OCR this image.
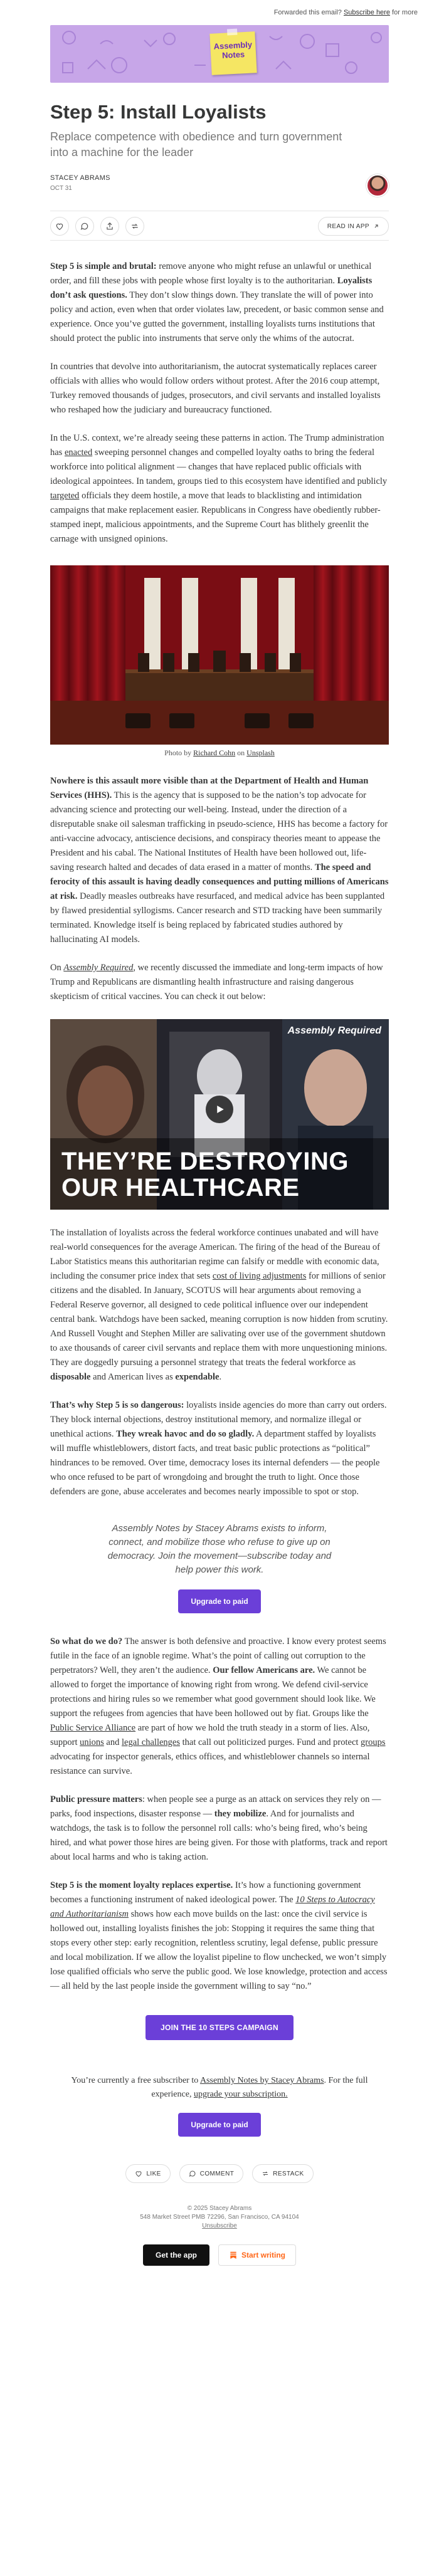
Forwarded this email? Subscribe here for more
Assembly
Notes
Step 5: Install Loyalists
Replace competence with obedience and turn government into a machine for the leader
STACEY ABRAMS
OCT 31
READ IN APP

Step 5 is simple and brutal: remove anyone who might refuse an unlawful or unethical order, and fill these jobs with people whose first loyalty is to the authoritarian. Loyalists don’t ask questions. They don’t slow things down. They translate the will of power into policy and action, even when that order violates law, precedent, or basic common sense and experience. Once you’ve gutted the government, installing loyalists turns institutions that should protect the public into instruments that serve only the whims of the autocrat.

In countries that devolve into authoritarianism, the autocrat systematically replaces career officials with allies who would follow orders without protest. After the 2016 coup attempt, Turkey removed thousands of judges, prosecutors, and civil servants and installed loyalists who reshaped how the judiciary and bureaucracy functioned.

In the U.S. context, we’re already seeing these patterns in action. The Trump administration has enacted sweeping personnel changes and compelled loyalty oaths to bring the federal workforce into political alignment — changes that have replaced public officials with ideological appointees. In tandem, groups tied to this ecosystem have identified and publicly targeted officials they deem hostile, a move that leads to blacklisting and intimidation campaigns that make replacement easier. Republicans in Congress have obediently rubber-stamped inept, malicious appointments, and the Supreme Court has blithely greenlit the carnage with unsigned opinions.

Photo by Richard Cohn on Unsplash

Nowhere is this assault more visible than at the Department of Health and Human Services (HHS). This is the agency that is supposed to be the nation’s top advocate for advancing science and protecting our well-being. Instead, under the direction of a disreputable snake oil salesman trafficking in pseudo-science, HHS has become a factory for anti-vaccine advocacy, antiscience decisions, and conspiracy theories meant to appease the President and his cabal. The National Institutes of Health have been hollowed out, life-saving research halted and decades of data erased in a matter of months. The speed and ferocity of this assault is having deadly consequences and putting millions of Americans at risk. Deadly measles outbreaks have resurfaced, and medical advice has been supplanted by flawed presidential syllogisms. Cancer research and STD tracking have been summarily terminated. Knowledge itself is being replaced by fabricated studies authored by hallucinating AI models.

On Assembly Required, we recently discussed the immediate and long-term impacts of how Trump and Republicans are dismantling health infrastructure and raising dangerous skepticism of critical vaccines. You can check it out below:

Assembly Required
THEY’RE DESTROYING
OUR HEALTHCARE

The installation of loyalists across the federal workforce continues unabated and will have real-world consequences for the average American. The firing of the head of the Bureau of Labor Statistics means this authoritarian regime can falsify or meddle with economic data, including the consumer price index that sets cost of living adjustments for millions of senior citizens and the disabled. In January, SCOTUS will hear arguments about removing a Federal Reserve governor, all designed to cede political influence over our independent central bank. Watchdogs have been sacked, meaning corruption is now hidden from scrutiny. And Russell Vought and Stephen Miller are salivating over use of the government shutdown to axe thousands of career civil servants and replace them with more unquestioning minions. They are doggedly pursuing a personnel strategy that treats the federal workforce as disposable and American lives as expendable.

That’s why Step 5 is so dangerous: loyalists inside agencies do more than carry out orders. They block internal objections, destroy institutional memory, and normalize illegal or unethical actions. They wreak havoc and do so gladly. A department staffed by loyalists will muffle whistleblowers, distort facts, and treat basic public protections as “political” hindrances to be removed. Over time, democracy loses its internal defenders — the people who once refused to be part of wrongdoing and brought the truth to light. Once those defenders are gone, abuse accelerates and becomes nearly impossible to spot or stop.

Assembly Notes by Stacey Abrams exists to inform, connect, and mobilize those who refuse to give up on democracy. Join the movement—subscribe today and help power this work.
Upgrade to paid

So what do we do? The answer is both defensive and proactive. I know every protest seems futile in the face of an ignoble regime. What’s the point of calling out corruption to the perpetrators? Well, they aren’t the audience. Our fellow Americans are. We cannot be allowed to forget the importance of knowing right from wrong. We defend civil-service protections and hiring rules so we remember what good government should look like. We support the refugees from agencies that have been hollowed out by fiat. Groups like the Public Service Alliance are part of how we hold the truth steady in a storm of lies. Also, support unions and legal challenges that call out politicized purges. Fund and protect groups advocating for inspector generals, ethics offices, and whistleblower channels so internal resistance can survive.

Public pressure matters: when people see a purge as an attack on services they rely on — parks, food inspections, disaster response — they mobilize. And for journalists and watchdogs, the task is to follow the personnel roll calls: who’s being fired, who’s being hired, and what power those hires are being given. For those with platforms, track and report about local harms and who is taking action.

Step 5 is the moment loyalty replaces expertise. It’s how a functioning government becomes a functioning instrument of naked ideological power. The 10 Steps to Autocracy and Authoritarianism shows how each move builds on the last: once the civil service is hollowed out, installing loyalists finishes the job: Stopping it requires the same thing that stops every other step: early recognition, relentless scrutiny, legal defense, public pressure and local mobilization. If we allow the loyalist pipeline to flow unchecked, we won’t simply lose qualified officials who serve the public good. We lose knowledge, protection and access — all held by the last people inside the government willing to say “no.”

JOIN THE 10 STEPS CAMPAIGN
You’re currently a free subscriber to Assembly Notes by Stacey Abrams. For the full experience, upgrade your subscription.
Upgrade to paid
LIKE	COMMENT	RESTACK
© 2025 Stacey Abrams
548 Market Street PMB 72296, San Francisco, CA 94104
Unsubscribe
Get the app	Start writing
